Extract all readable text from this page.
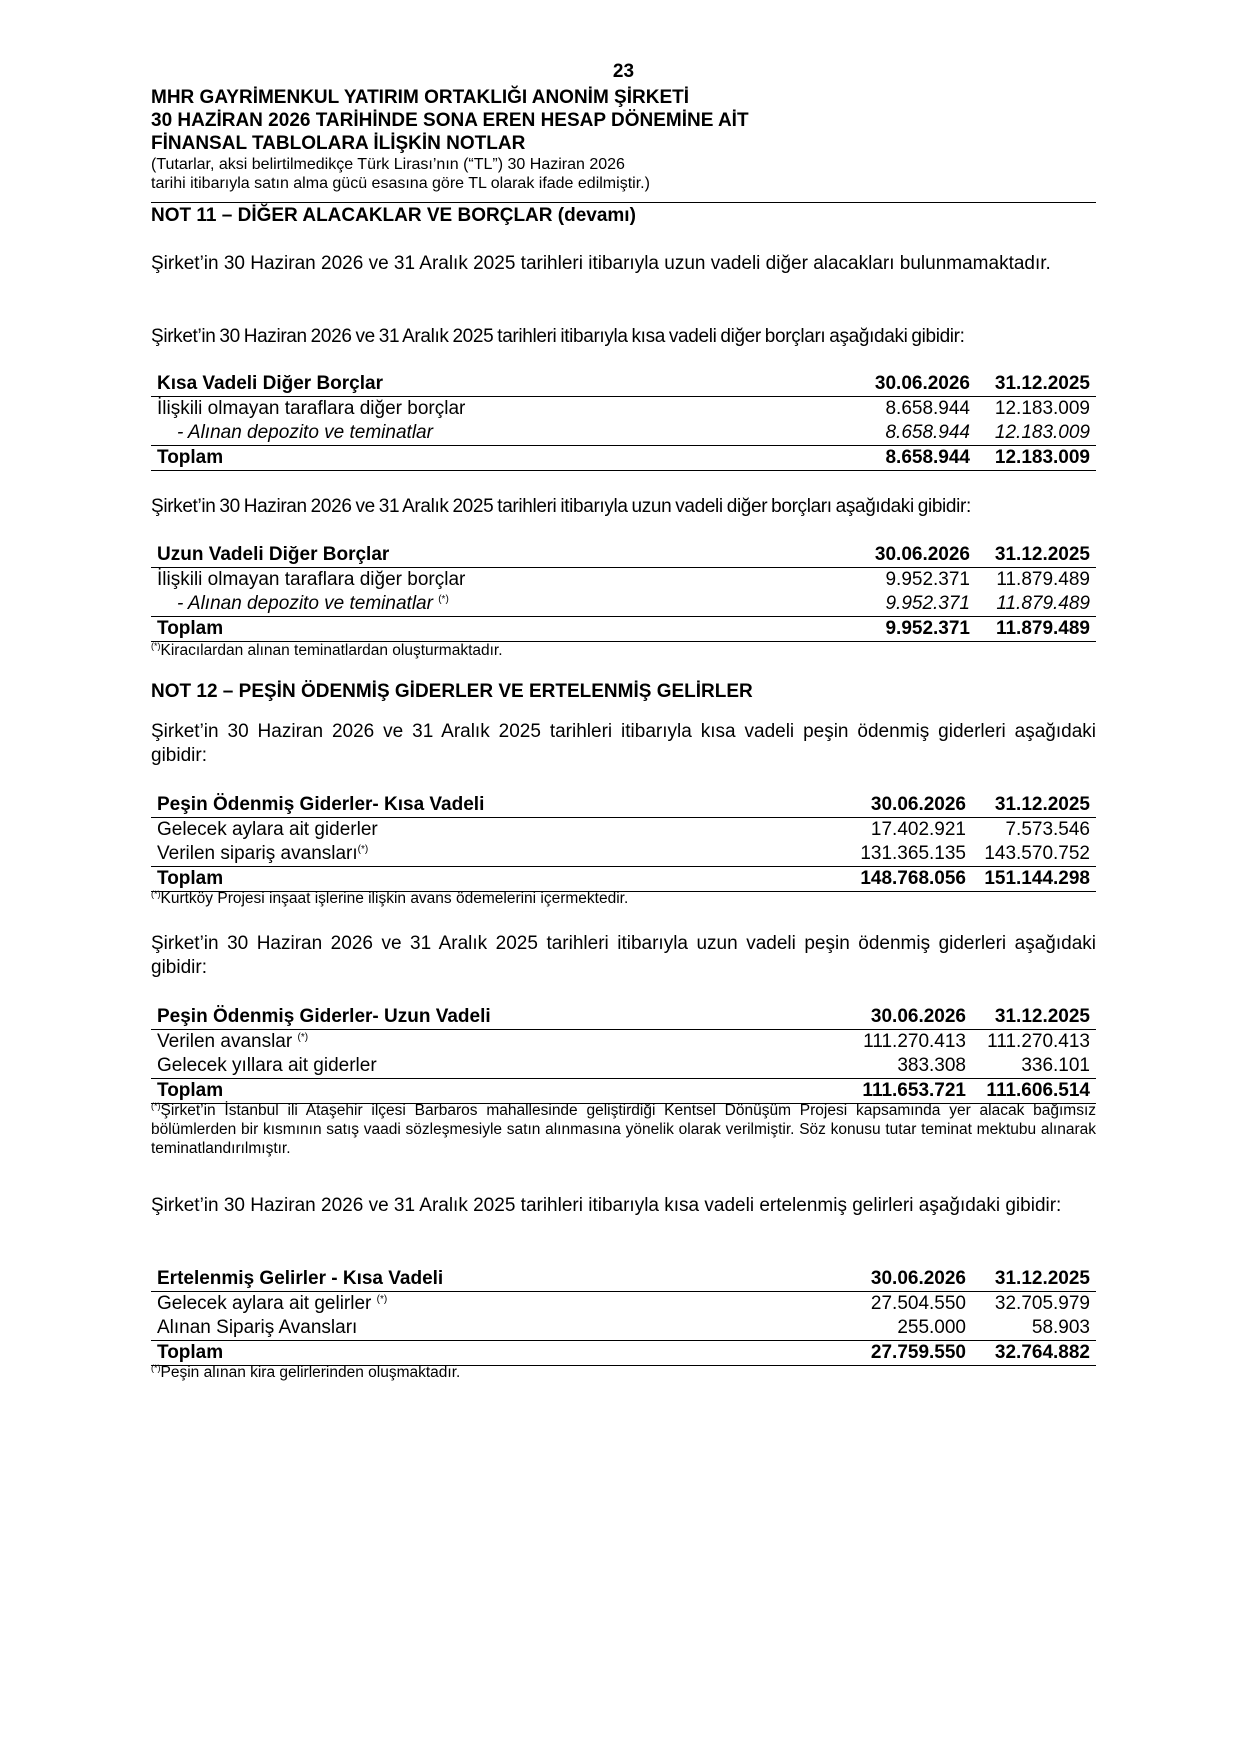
23
MHR GAYRİMENKUL YATIRIM ORTAKLIĞI ANONİM ŞİRKETİ
30 HAZİRAN 2026 TARİHİNDE SONA EREN HESAP DÖNEMİNE AİT
FİNANSAL TABLOLARA İLİŞKİN NOTLAR
(Tutarlar, aksi belirtilmedikçe Türk Lirası’nın (“TL”) 30 Haziran 2026
tarihi itibarıyla satın alma gücü esasına göre TL olarak ifade edilmiştir.)
NOT 11 – DİĞER ALACAKLAR VE BORÇLAR (devamı)
Şirket’in 30 Haziran 2026 ve 31 Aralık 2025 tarihleri itibarıyla uzun vadeli diğer alacakları bulunmamaktadır.
Şirket’in 30 Haziran 2026 ve 31 Aralık 2025 tarihleri itibarıyla kısa vadeli diğer borçları aşağıdaki gibidir:
Kısa Vadeli Diğer Borçlar	30.06.2026	31.12.2025
İlişkili olmayan taraflara diğer borçlar	8.658.944	12.183.009
- Alınan depozito ve teminatlar	8.658.944	12.183.009
Toplam	8.658.944	12.183.009
Şirket’in 30 Haziran 2026 ve 31 Aralık 2025 tarihleri itibarıyla uzun vadeli diğer borçları aşağıdaki gibidir:
Uzun Vadeli Diğer Borçlar	30.06.2026	31.12.2025
İlişkili olmayan taraflara diğer borçlar	9.952.371	11.879.489
- Alınan depozito ve teminatlar (*)	9.952.371	11.879.489
Toplam	9.952.371	11.879.489
(*)Kiracılardan alınan teminatlardan oluşturmaktadır.
NOT 12 – PEŞİN ÖDENMİŞ GİDERLER VE ERTELENMİŞ GELİRLER
Şirket’in 30 Haziran 2026 ve 31 Aralık 2025 tarihleri itibarıyla kısa vadeli peşin ödenmiş giderleri aşağıdaki gibidir:
Peşin Ödenmiş Giderler- Kısa Vadeli	30.06.2026	31.12.2025
Gelecek aylara ait giderler	17.402.921	7.573.546
Verilen sipariş avansları(*)	131.365.135	143.570.752
Toplam	148.768.056	151.144.298
(*)Kurtköy Projesi inşaat işlerine ilişkin avans ödemelerini içermektedir.
Şirket’in 30 Haziran 2026 ve 31 Aralık 2025 tarihleri itibarıyla uzun vadeli peşin ödenmiş giderleri aşağıdaki gibidir:
Peşin Ödenmiş Giderler- Uzun Vadeli	30.06.2026	31.12.2025
Verilen avanslar (*)	111.270.413	111.270.413
Gelecek yıllara ait giderler	383.308	336.101
Toplam	111.653.721	111.606.514
(*)Şirket’in İstanbul ili Ataşehir ilçesi Barbaros mahallesinde geliştirdiği Kentsel Dönüşüm Projesi kapsamında yer alacak bağımsız bölümlerden bir kısmının satış vaadi sözleşmesiyle satın alınmasına yönelik olarak verilmiştir. Söz konusu tutar teminat mektubu alınarak teminatlandırılmıştır.
Şirket’in 30 Haziran 2026 ve 31 Aralık 2025 tarihleri itibarıyla kısa vadeli ertelenmiş gelirleri aşağıdaki gibidir:
Ertelenmiş Gelirler - Kısa Vadeli	30.06.2026	31.12.2025
Gelecek aylara ait gelirler (*)	27.504.550	32.705.979
Alınan Sipariş Avansları	255.000	58.903
Toplam	27.759.550	32.764.882
(*)Peşin alınan kira gelirlerinden oluşmaktadır.
